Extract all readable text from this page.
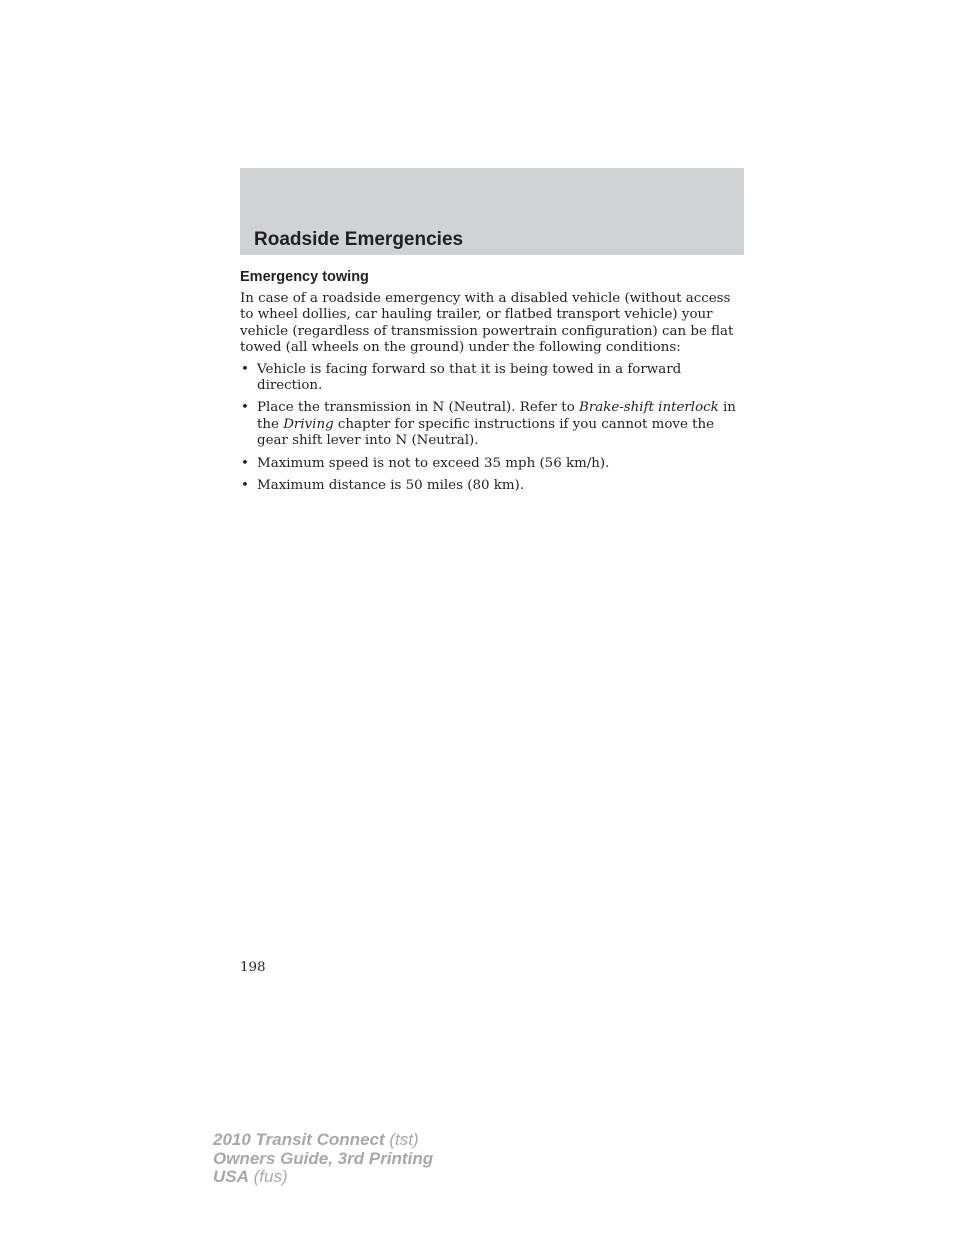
Roadside Emergencies
Emergency towing

In case of a roadside emergency with a disabled vehicle (without access to wheel dollies, car hauling trailer, or flatbed transport vehicle) your vehicle (regardless of transmission powertrain configuration) can be flat towed (all wheels on the ground) under the following conditions:

• Vehicle is facing forward so that it is being towed in a forward direction.
• Place the transmission in N (Neutral). Refer to Brake-shift interlock in the Driving chapter for specific instructions if you cannot move the gear shift lever into N (Neutral).
• Maximum speed is not to exceed 35 mph (56 km/h).
• Maximum distance is 50 miles (80 km).
198
2010 Transit Connect (tst)
Owners Guide, 3rd Printing
USA (fus)
